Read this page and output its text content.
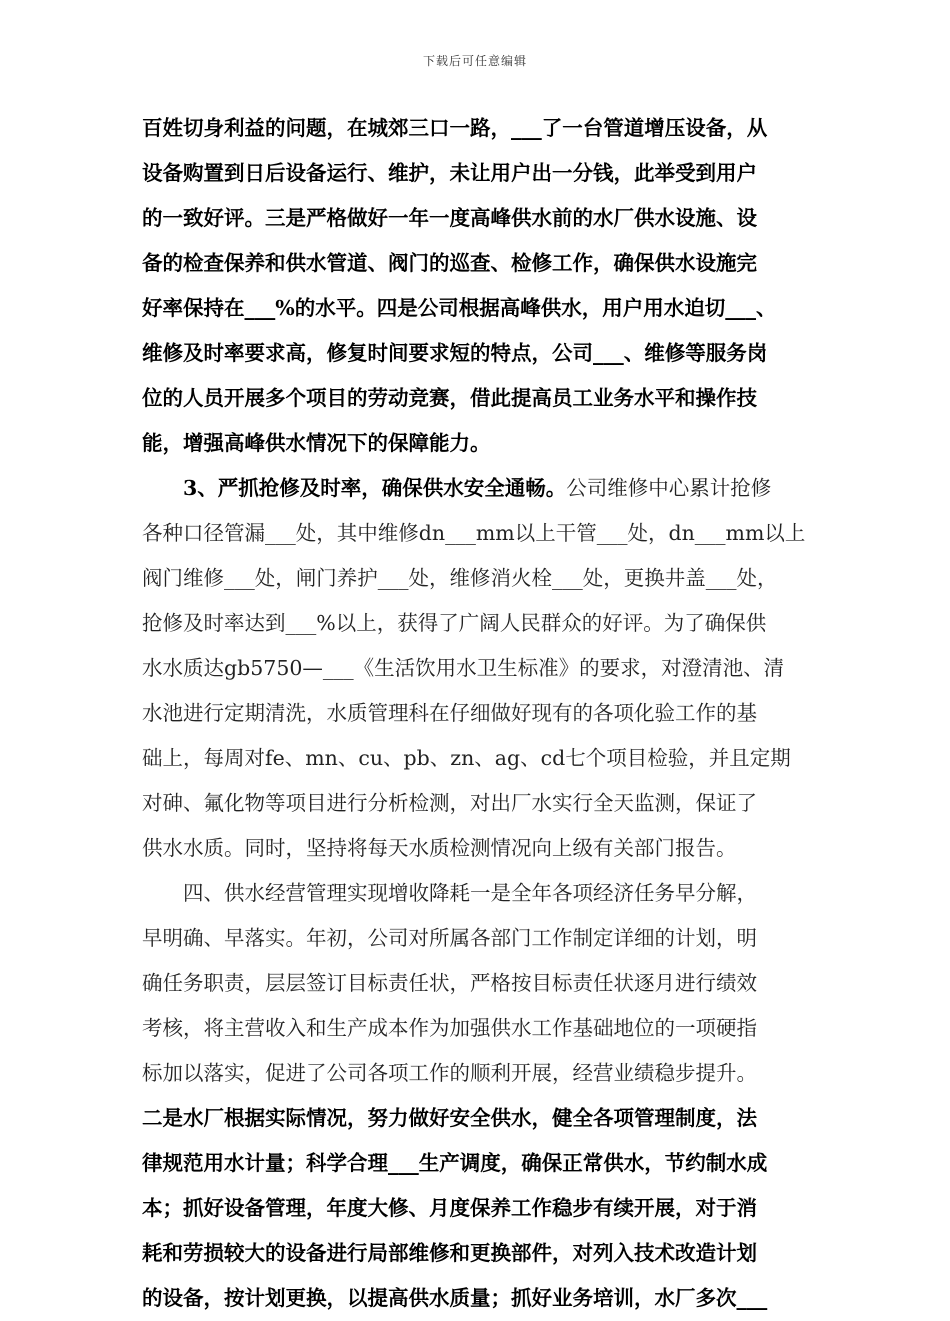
下载后可任意编辑
百姓切身利益的问题，在城郊三口一路，___了一台管道增压设备，从
设备购置到日后设备运行、维护，未让用户出一分钱，此举受到用户
的一致好评。三是严格做好一年一度高峰供水前的水厂供水设施、设
备的检查保养和供水管道、阀门的巡查、检修工作，确保供水设施完
好率保持在___%的水平。四是公司根据高峰供水，用户用水迫切___、
维修及时率要求高，修复时间要求短的特点，公司___、维修等服务岗
位的人员开展多个项目的劳动竞赛，借此提高员工业务水平和操作技
能，增强高峰供水情况下的保障能力。
3、严抓抢修及时率，确保供水安全通畅。公司维修中心累计抢修
各种口径管漏___处，其中维修dn___mm以上干管___处，dn___mm以上
阀门维修___处，闸门养护___处，维修消火栓___处，更换井盖___处，
抢修及时率达到___%以上，获得了广阔人民群众的好评。为了确保供
水水质达gb5750—___《生活饮用水卫生标准》的要求，对澄清池、清
水池进行定期清洗，水质管理科在仔细做好现有的各项化验工作的基
础上，每周对fe、mn、cu、pb、zn、ag、cd七个项目检验，并且定期
对砷、氟化物等项目进行分析检测，对出厂水实行全天监测，保证了
供水水质。同时，坚持将每天水质检测情况向上级有关部门报告。
四、供水经营管理实现增收降耗一是全年各项经济任务早分解，
早明确、早落实。年初，公司对所属各部门工作制定详细的计划，明
确任务职责，层层签订目标责任状，严格按目标责任状逐月进行绩效
考核，将主营收入和生产成本作为加强供水工作基础地位的一项硬指
标加以落实，促进了公司各项工作的顺利开展，经营业绩稳步提升。
二是水厂根据实际情况，努力做好安全供水，健全各项管理制度，法
律规范用水计量；科学合理___生产调度，确保正常供水，节约制水成
本；抓好设备管理，年度大修、月度保养工作稳步有续开展，对于消
耗和劳损较大的设备进行局部维修和更换部件，对列入技术改造计划
的设备，按计划更换，以提高供水质量；抓好业务培训，水厂多次___
